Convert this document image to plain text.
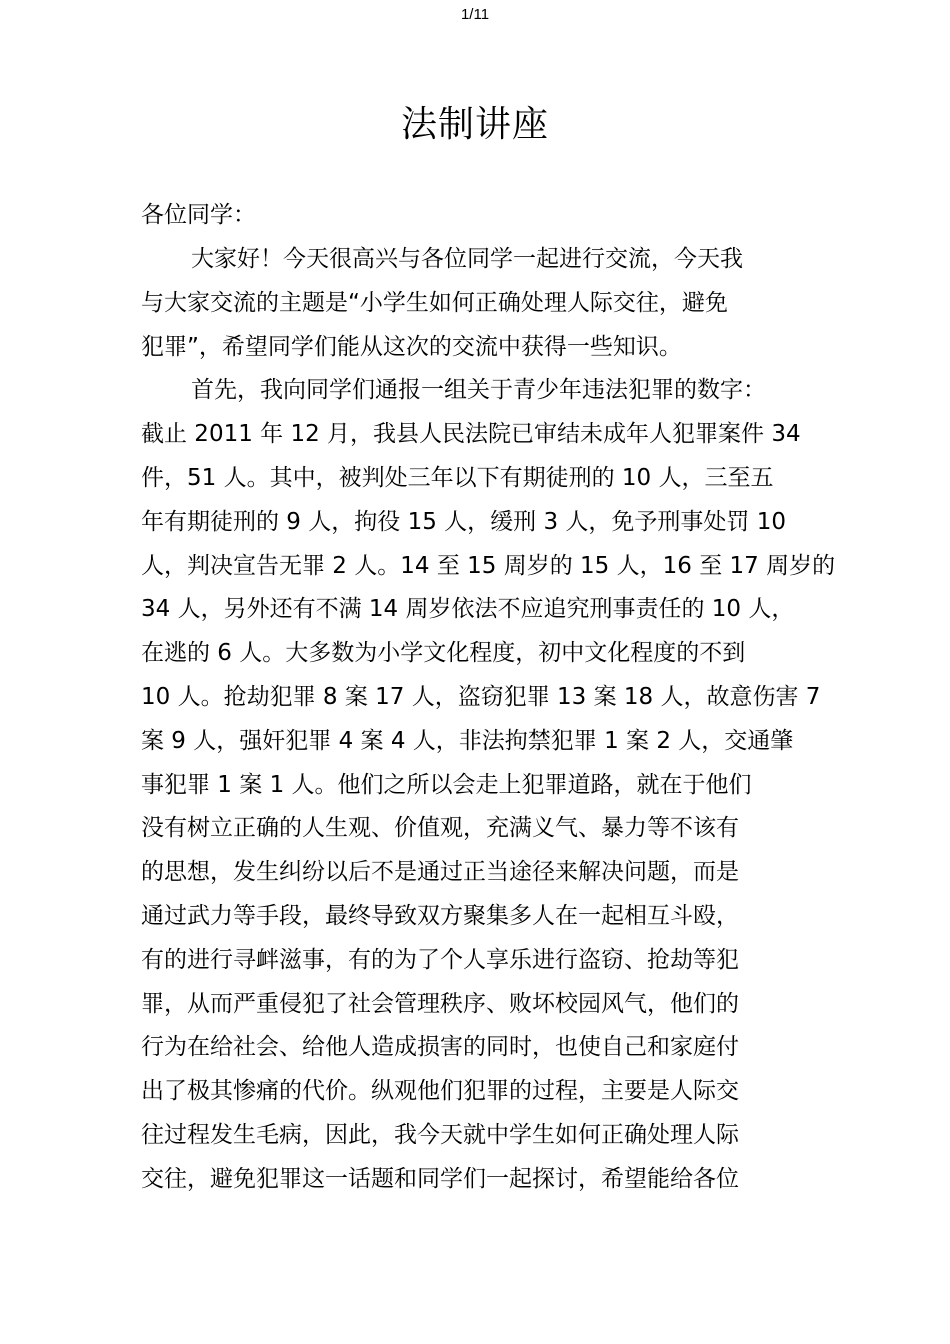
1/11
法制讲座

各位同学：

大家好！今天很高兴与各位同学一起进行交流，今天我
与大家交流的主题是“小学生如何正确处理人际交往，避免
犯罪”，希望同学们能从这次的交流中获得一些知识。
首先，我向同学们通报一组关于青少年违法犯罪的数字：
截止 2011 年 12 月，我县人民法院已审结未成年人犯罪案件 34
件，51 人。其中，被判处三年以下有期徒刑的 10 人，三至五
年有期徒刑的 9 人，拘役 15 人，缓刑 3 人，免予刑事处罚 10
人，判决宣告无罪 2 人。14 至 15 周岁的 15 人，16 至 17 周岁的
34 人，另外还有不满 14 周岁依法不应追究刑事责任的 10 人，
在逃的 6 人。大多数为小学文化程度，初中文化程度的不到
10 人。抢劫犯罪 8 案 17 人，盗窃犯罪 13 案 18 人，故意伤害 7
案 9 人，强奸犯罪 4 案 4 人，非法拘禁犯罪 1 案 2 人，交通肇
事犯罪 1 案 1 人。他们之所以会走上犯罪道路，就在于他们
没有树立正确的人生观、价值观，充满义气、暴力等不该有
的思想，发生纠纷以后不是通过正当途径来解决问题，而是
通过武力等手段，最终导致双方聚集多人在一起相互斗殴，
有的进行寻衅滋事，有的为了个人享乐进行盗窃、抢劫等犯
罪，从而严重侵犯了社会管理秩序、败坏校园风气，他们的
行为在给社会、给他人造成损害的同时，也使自己和家庭付
出了极其惨痛的代价。纵观他们犯罪的过程，主要是人际交
往过程发生毛病，因此，我今天就中学生如何正确处理人际
交往，避免犯罪这一话题和同学们一起探讨，希望能给各位
